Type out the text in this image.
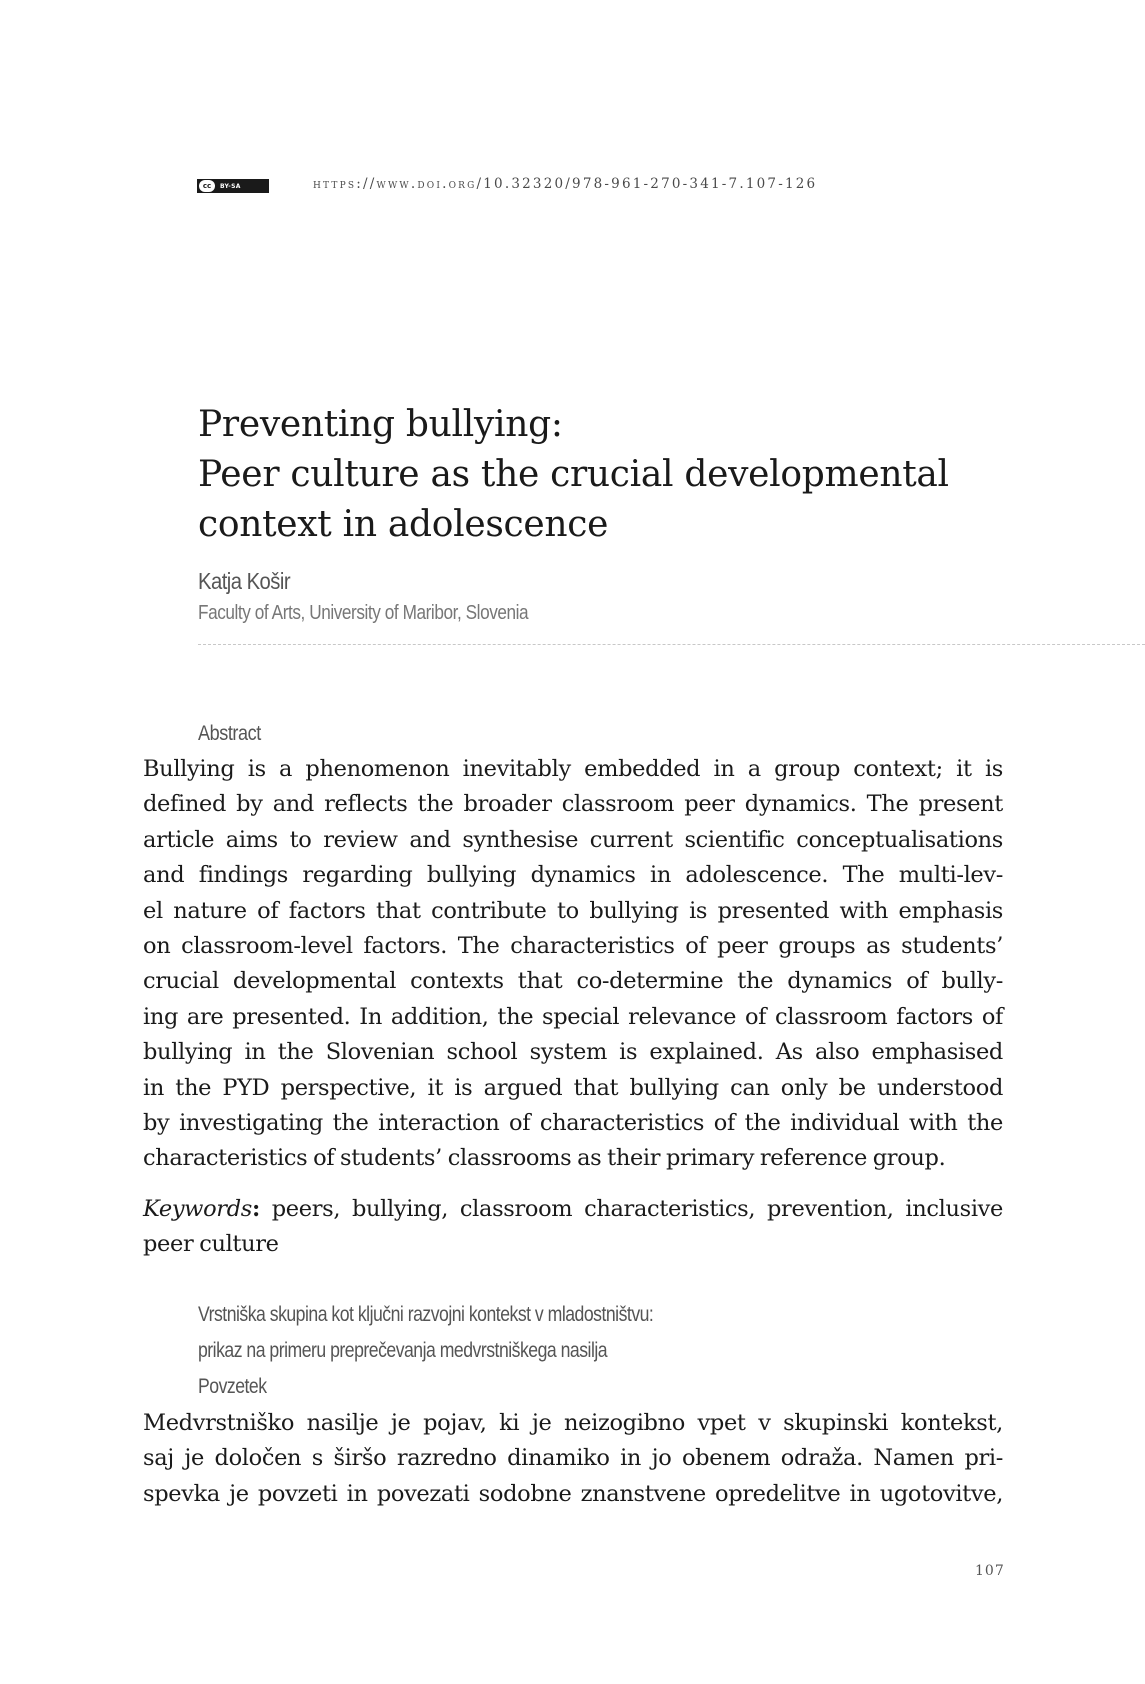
cc	BY-SA	https://www.doi.org/10.32320/978-961-270-341-7.107-126
Preventing bullying:
Peer culture as the crucial developmental
context in adolescence
Katja Košir
Faculty of Arts, University of Maribor, Slovenia
Abstract
Bullying is a phenomenon inevitably embedded in a group context; it is
defined by and reflects the broader classroom peer dynamics. The present
article aims to review and synthesise current scientific conceptualisations
and findings regarding bullying dynamics in adolescence. The multi-lev-
el nature of factors that contribute to bullying is presented with emphasis
on classroom-level factors. The characteristics of peer groups as students’
crucial developmental contexts that co-determine the dynamics of bully-
ing are presented. In addition, the special relevance of classroom factors of
bullying in the Slovenian school system is explained. As also emphasised
in the PYD perspective, it is argued that bullying can only be understood
by investigating the interaction of characteristics of the individual with the
characteristics of students’ classrooms as their primary reference group.
Keywords: peers, bullying, classroom characteristics, prevention, inclusive
peer culture
Vrstniška skupina kot ključni razvojni kontekst v mladostništvu:
prikaz na primeru preprečevanja medvrstniškega nasilja
Povzetek
Medvrstniško nasilje je pojav, ki je neizogibno vpet v skupinski kontekst,
saj je določen s širšo razredno dinamiko in jo obenem odraža. Namen pri-
spevka je povzeti in povezati sodobne znanstvene opredelitve in ugotovitve,
107
